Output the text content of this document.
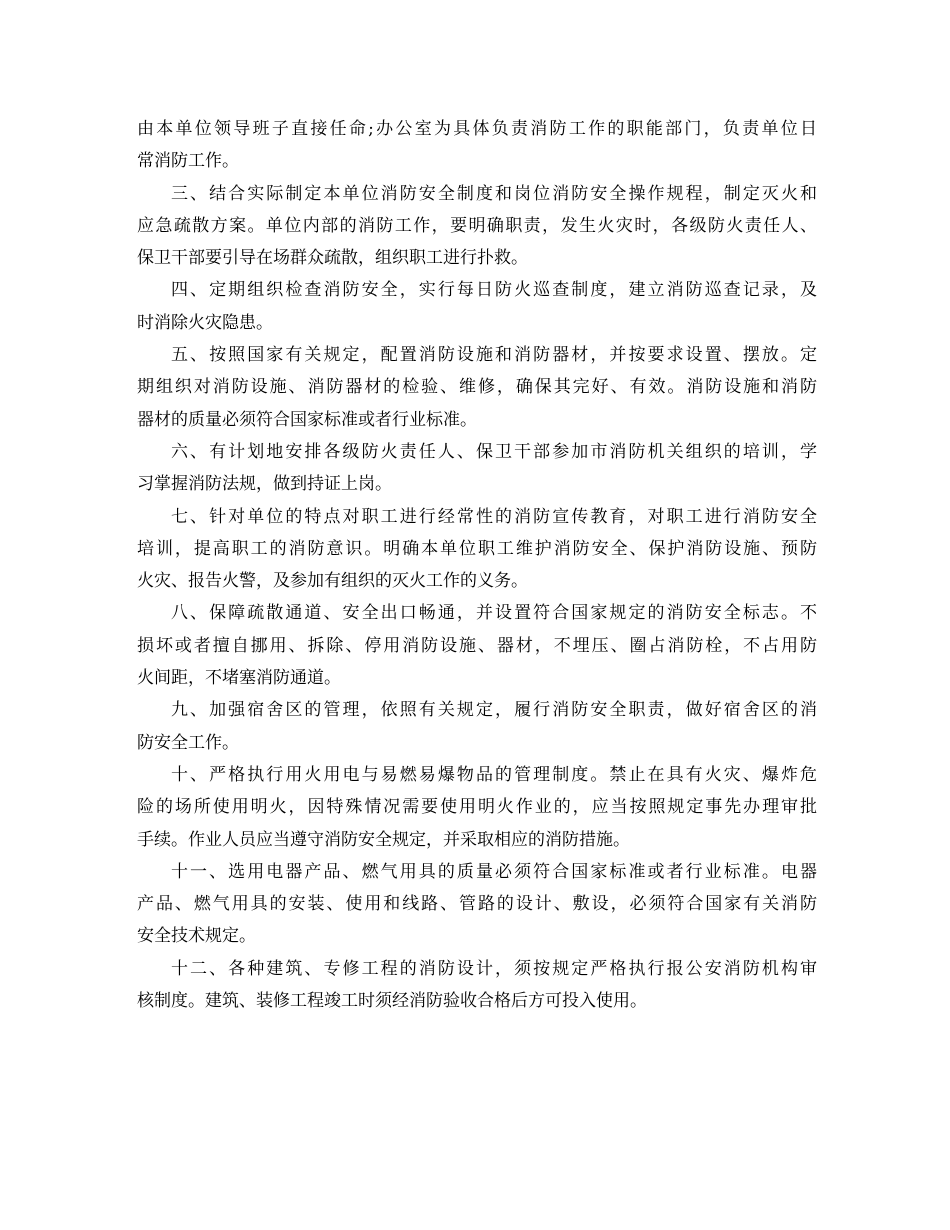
由本单位领导班子直接任命;办公室为具体负责消防工作的职能部门，负责单位日
常消防工作。

三、结合实际制定本单位消防安全制度和岗位消防安全操作规程，制定灭火和
应急疏散方案。单位内部的消防工作，要明确职责，发生火灾时，各级防火责任人、
保卫干部要引导在场群众疏散，组织职工进行扑救。

四、定期组织检查消防安全，实行每日防火巡查制度，建立消防巡查记录，及
时消除火灾隐患。

五、按照国家有关规定，配置消防设施和消防器材，并按要求设置、摆放。定
期组织对消防设施、消防器材的检验、维修，确保其完好、有效。消防设施和消防
器材的质量必须符合国家标准或者行业标准。

六、有计划地安排各级防火责任人、保卫干部参加市消防机关组织的培训，学
习掌握消防法规，做到持证上岗。

七、针对单位的特点对职工进行经常性的消防宣传教育，对职工进行消防安全
培训，提高职工的消防意识。明确本单位职工维护消防安全、保护消防设施、预防
火灾、报告火警，及参加有组织的灭火工作的义务。

八、保障疏散通道、安全出口畅通，并设置符合国家规定的消防安全标志。不
损坏或者擅自挪用、拆除、停用消防设施、器材，不埋压、圈占消防栓，不占用防
火间距，不堵塞消防通道。

九、加强宿舍区的管理，依照有关规定，履行消防安全职责，做好宿舍区的消
防安全工作。

十、严格执行用火用电与易燃易爆物品的管理制度。禁止在具有火灾、爆炸危
险的场所使用明火，因特殊情况需要使用明火作业的，应当按照规定事先办理审批
手续。作业人员应当遵守消防安全规定，并采取相应的消防措施。

十一、选用电器产品、燃气用具的质量必须符合国家标准或者行业标准。电器
产品、燃气用具的安装、使用和线路、管路的设计、敷设，必须符合国家有关消防
安全技术规定。

十二、各种建筑、专修工程的消防设计，须按规定严格执行报公安消防机构审
核制度。建筑、装修工程竣工时须经消防验收合格后方可投入使用。
